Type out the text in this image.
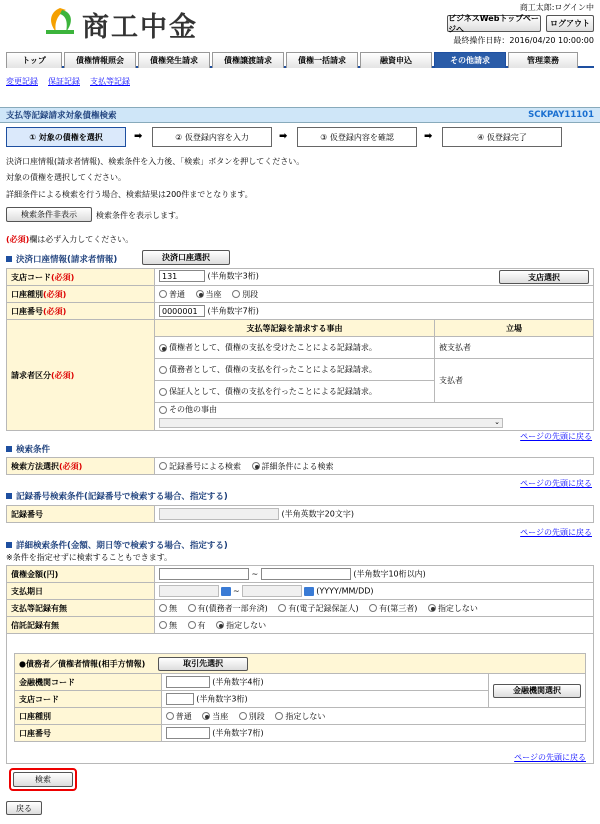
商工中金
商工太郎:ログイン中
ビジネスWebトップページへ
ログアウト
最終操作日時：2016/04/20 10:00:00
トップ	債権情報照会	債権発生請求	債権譲渡請求	債権一括請求	融資申込	その他請求	管理業務
変更記録 保証記録 支払等記録
支払等記録請求対象債権検索	SCKPAY11101
① 対象の債権を選択	➡	② 仮登録内容を入力	➡	③ 仮登録内容を確認	➡	④ 仮登録完了
決済口座情報(請求者情報)、検索条件を入力後、「検索」ボタンを押してください。
対象の債権を選択してください。
詳細条件による検索を行う場合、検索結果は200件までとなります。
検索条件非表示	検索条件を表示します。
(必須)欄は必ず入力してください。
決済口座情報(請求者情報)	決済口座選択
支店コード(必須)	131 (半角数字3桁) 支店選択	

口座種別(必須)	普通 当座 別段	
口座番号(必須)	0000001 (半角数字7桁)	
請求者区分(必須)	支払等記録を請求する事由	立場
	債権者として、債権の支払を受けたことによる記録請求。	被支払者
	債務者として、債権の支払を行ったことによる記録請求。	支払者
	保証人として、債権の支払を行ったことによる記録請求。	
	その他の事由	

	⌄	
ページの先頭に戻る
検索条件
検索方法選択(必須)	記録番号による検索	詳細条件による検索
ページの先頭に戻る
記録番号検索条件(記録番号で検索する場合、指定する)
記録番号	(半角英数字20文字)
ページの先頭に戻る
詳細検索条件(金額、期日等で検索する場合、指定する)
※条件を指定せずに検索することもできます。
債権金額(円)	~ (半角数字10桁以内)
支払期日	~ (YYYY/MM/DD)
支払等記録有無	無 有(債務者一部弁済) 有(電子記録保証人) 有(第三者) 指定しない
信託記録有無	無 有 指定しない

●債務者／債権者情報(相手方情報) 取引先選択		
金融機関コード	(半角数字4桁)	金融機関選択
支店コード	(半角数字3桁)	
口座種別	普通 当座 別段 指定しない	
口座番号	(半角数字7桁)	
ページの先頭に戻る
検索
戻る
